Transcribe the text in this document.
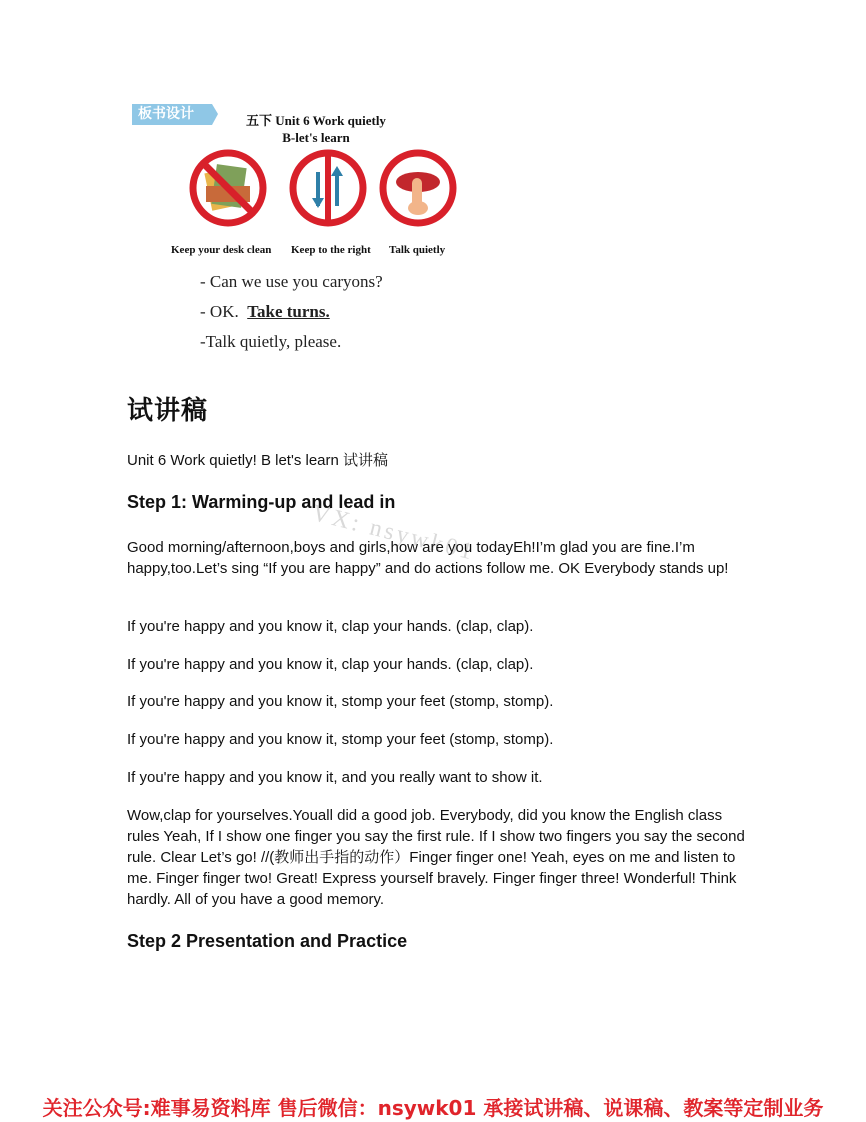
板书设计	五下 Unit 6 Work quietly
B-let's learn
Keep your desk clean Keep to the right Talk quietly
- Can we use you caryons?
- OK. Take turns.
-Talk quietly, please.
试讲稿
Unit 6 Work quietly! B let's learn 试讲稿
Step 1: Warming-up and lead in
VX: nsywk01
Good morning/afternoon,boys and girls,how are you todayEh!I’m glad you are fine.I’m happy,too.Let’s sing “If you are happy” and do actions follow me. OK Everybody stands up!
If you're happy and you know it, clap your hands. (clap, clap).
If you're happy and you know it, clap your hands. (clap, clap).
If you're happy and you know it, stomp your feet (stomp, stomp).
If you're happy and you know it, stomp your feet (stomp, stomp).
If you're happy and you know it, and you really want to show it.
Wow,clap for yourselves.Youall did a good job. Everybody, did you know the English class rules Yeah, If I show one finger you say the first rule. If I show two fingers you say the second rule. Clear Let’s go! //(教师出手指的动作）Finger finger one! Yeah, eyes on me and listen to me. Finger finger two! Great! Express yourself bravely. Finger finger three! Wonderful! Think hardly. All of you have a good memory.
Step 2 Presentation and Practice
关注公众号:难事易资料库 售后微信：nsywk01 承接试讲稿、说课稿、教案等定制业务
